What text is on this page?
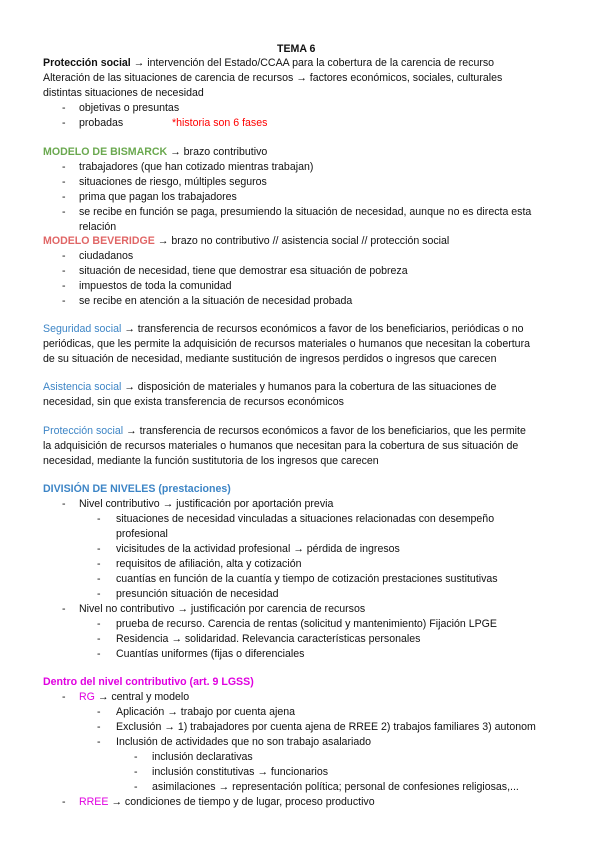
TEMA 6
Protección social → intervención del Estado/CCAA para la cobertura de la carencia de recurso
Alteración de las situaciones de carencia de recursos → factores económicos, sociales, culturales
distintas situaciones de necesidad
- objetivas o presuntas
- probadas	*historia son 6 fases
MODELO DE BISMARCK → brazo contributivo
- trabajadores (que han cotizado mientras trabajan)
- situaciones de riesgo, múltiples seguros
- prima que pagan los trabajadores
- se recibe en función se paga, presumiendo la situación de necesidad, aunque no es directa esta
relación
MODELO BEVERIDGE → brazo no contributivo // asistencia social // protección social
- ciudadanos
- situación de necesidad, tiene que demostrar esa situación de pobreza
- impuestos de toda la comunidad
- se recibe en atención a la situación de necesidad probada
Seguridad social → transferencia de recursos económicos a favor de los beneficiarios, periódicas o no
periódicas, que les permite la adquisición de recursos materiales o humanos que necesitan la cobertura
de su situación de necesidad, mediante sustitución de ingresos perdidos o ingresos que carecen
Asistencia social → disposición de materiales y humanos para la cobertura de las situaciones de
necesidad, sin que exista transferencia de recursos económicos
Protección social → transferencia de recursos económicos a favor de los beneficiarios, que les permite
la adquisición de recursos materiales o humanos que necesitan para la cobertura de sus situación de
necesidad, mediante la función sustitutoria de los ingresos que carecen
DIVISIÓN DE NIVELES (prestaciones)
- Nivel contributivo → justificación por aportación previa
- situaciones de necesidad vinculadas a situaciones relacionadas con desempeño
profesional
- vicisitudes de la actividad profesional → pérdida de ingresos
- requisitos de afiliación, alta y cotización
- cuantías en función de la cuantía y tiempo de cotización prestaciones sustitutivas
- presunción situación de necesidad
- Nivel no contributivo → justificación por carencia de recursos
- prueba de recurso. Carencia de rentas (solicitud y mantenimiento) Fijación LPGE
- Residencia → solidaridad. Relevancia características personales
- Cuantías uniformes (fijas o diferenciales
Dentro del nivel contributivo (art. 9 LGSS)
- RG → central y modelo
- Aplicación → trabajo por cuenta ajena
- Exclusión → 1) trabajadores por cuenta ajena de RREE 2) trabajos familiares 3) autonom
- Inclusión de actividades que no son trabajo asalariado
- inclusión declarativas
- inclusión constitutivas → funcionarios
- asimilaciones → representación política; personal de confesiones religiosas,...
- RREE → condiciones de tiempo y de lugar, proceso productivo
